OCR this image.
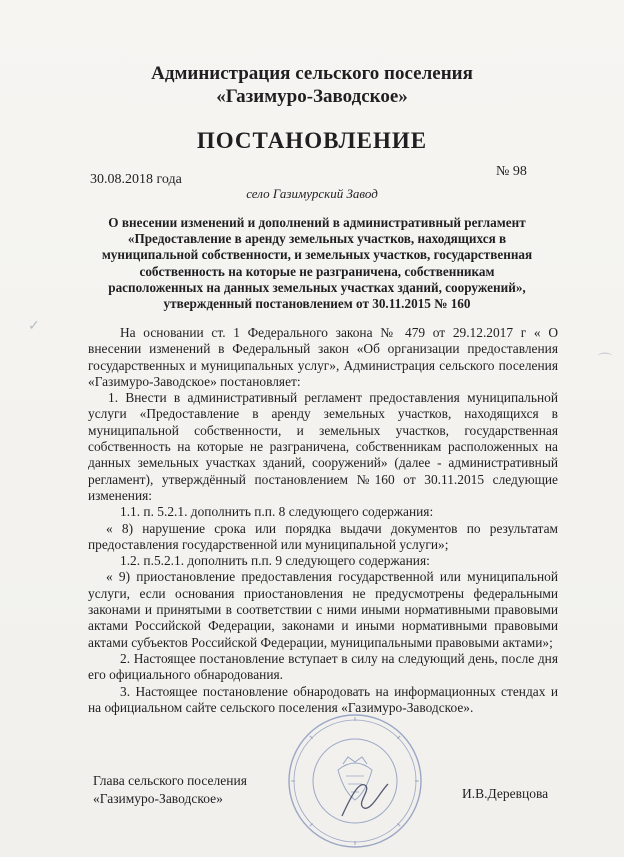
Администрация сельского поселения
«Газимуро-Заводское»
ПОСТАНОВЛЕНИЕ
30.08.2018 года
№ 98
село Газимурский Завод
О внесении изменений и дополнений в административный регламент «Предоставление в аренду земельных участков, находящихся в муниципальной собственности, и земельных участков, государственная собственность на которые не разграничена, собственникам расположенных на данных земельных участках зданий, сооружений», утвержденный постановлением от 30.11.2015 № 160

На основании ст. 1 Федерального закона № 479 от 29.12.2017 г « О внесении изменений в Федеральный закон «Об организации предоставления государственных и муниципальных услуг», Администрация сельского поселения «Газимуро-Заводское» постановляет:

1. Внести в административный регламент предоставления муниципальной услуги «Предоставление в аренду земельных участков, находящихся в муниципальной собственности, и земельных участков, государственная собственность на которые не разграничена, собственникам расположенных на данных земельных участках зданий, сооружений» (далее - административный регламент), утверждённый постановлением №160 от 30.11.2015 следующие изменения:

1.1. п. 5.2.1. дополнить п.п. 8 следующего содержания:

« 8) нарушение срока или порядка выдачи документов по результатам предоставления государственной или муниципальной услуги»;

1.2. п.5.2.1. дополнить п.п. 9 следующего содержания:

« 9) приостановление предоставления государственной или муниципальной услуги, если основания приостановления не предусмотрены федеральными законами и принятыми в соответствии с ними иными нормативными правовыми актами Российской Федерации, законами и иными нормативными правовыми актами субъектов Российской Федерации, муниципальными правовыми актами»;

2. Настоящее постановление вступает в силу на следующий день, после дня его официального обнародования.

3. Настоящее постановление обнародовать на информационных стендах и на официальном сайте сельского поселения «Газимуро-Заводское».

Глава сельского поселения
«Газимуро-Заводское»	И.В.Деревцова
✓
⌒
